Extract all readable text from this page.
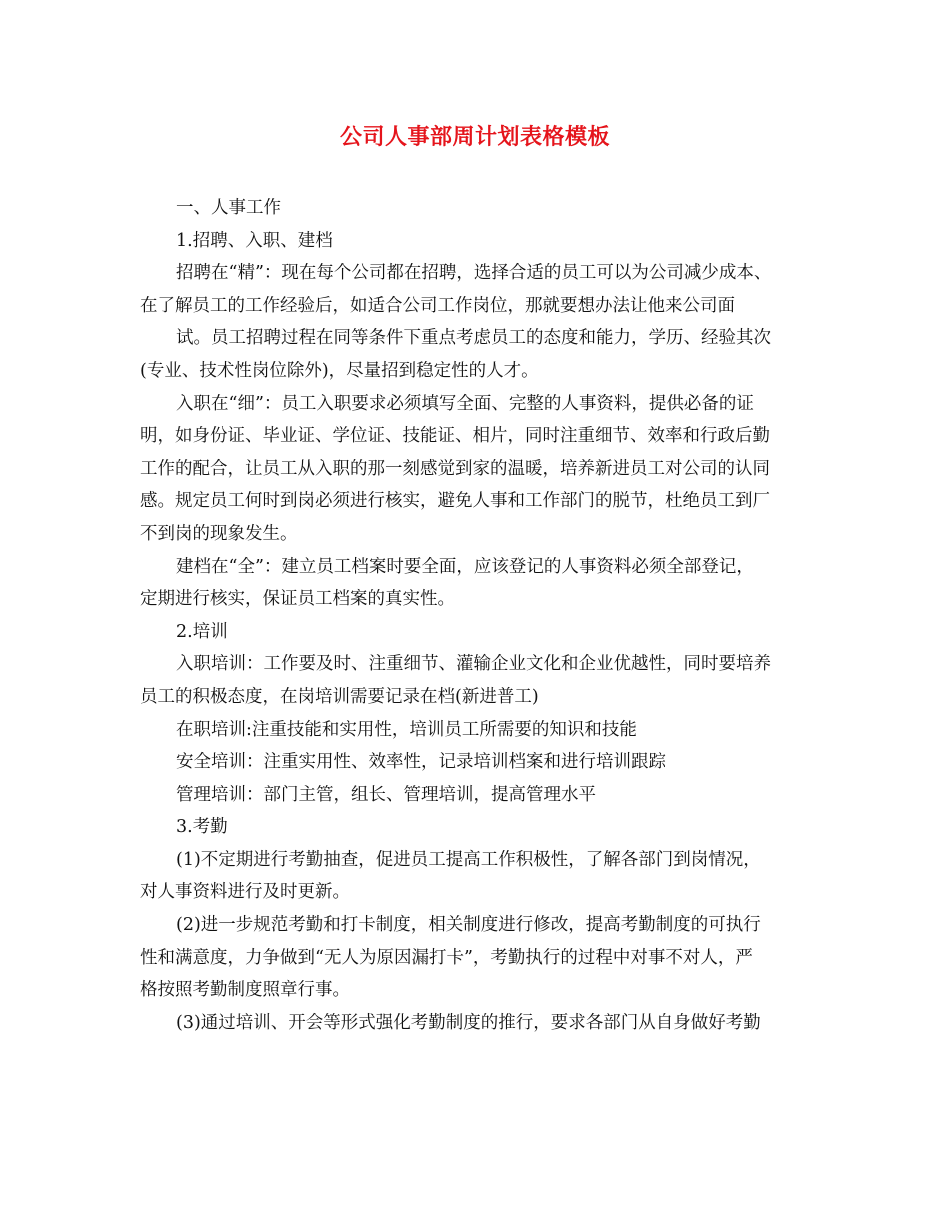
公司人事部周计划表格模板
一、人事工作
1.招聘、入职、建档
招聘在“精”：现在每个公司都在招聘，选择合适的员工可以为公司减少成本、
在了解员工的工作经验后，如适合公司工作岗位，那就要想办法让他来公司面
试。员工招聘过程在同等条件下重点考虑员工的态度和能力，学历、经验其次
(专业、技术性岗位除外)，尽量招到稳定性的人才。
入职在“细”：员工入职要求必须填写全面、完整的人事资料，提供必备的证
明，如身份证、毕业证、学位证、技能证、相片，同时注重细节、效率和行政后勤
工作的配合，让员工从入职的那一刻感觉到家的温暖，培养新进员工对公司的认同
感。规定员工何时到岗必须进行核实，避免人事和工作部门的脱节，杜绝员工到厂
不到岗的现象发生。
建档在“全”：建立员工档案时要全面，应该登记的人事资料必须全部登记，
定期进行核实，保证员工档案的真实性。
2.培训
入职培训：工作要及时、注重细节、灌输企业文化和企业优越性，同时要培养
员工的积极态度，在岗培训需要记录在档(新进普工)
在职培训:注重技能和实用性，培训员工所需要的知识和技能
安全培训：注重实用性、效率性，记录培训档案和进行培训跟踪
管理培训：部门主管，组长、管理培训，提高管理水平
3.考勤
(1)不定期进行考勤抽查，促进员工提高工作积极性，了解各部门到岗情况，
对人事资料进行及时更新。
(2)进一步规范考勤和打卡制度，相关制度进行修改，提高考勤制度的可执行
性和满意度，力争做到“无人为原因漏打卡”，考勤执行的过程中对事不对人，严
格按照考勤制度照章行事。
(3)通过培训、开会等形式强化考勤制度的推行，要求各部门从自身做好考勤
